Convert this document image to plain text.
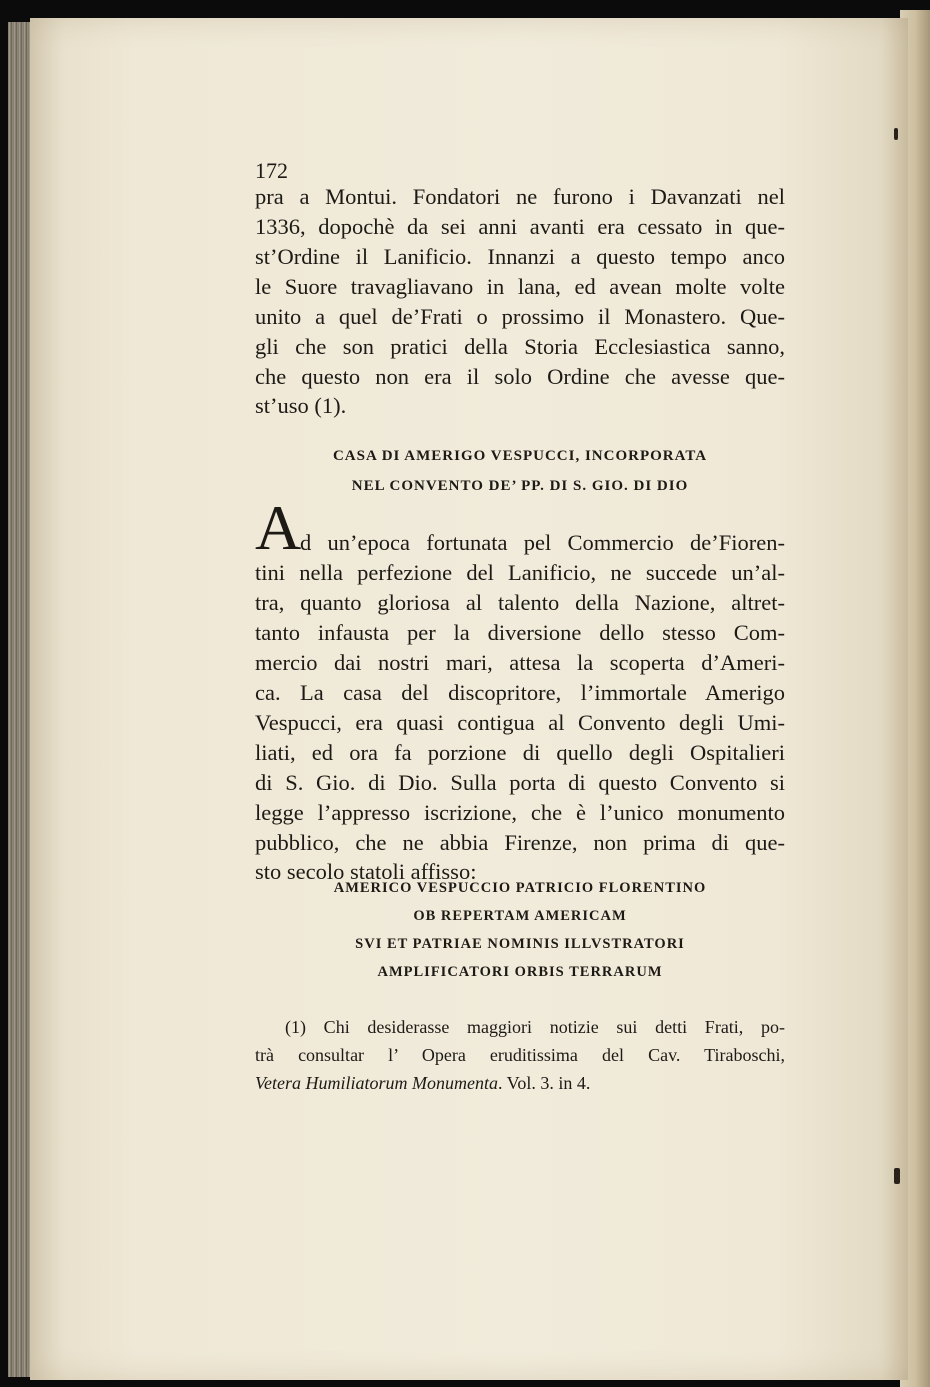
172
pra a Montui. Fondatori ne furono i Davanzati nel
1336, dopochè da sei anni avanti era cessato in que-
st’Ordine il Lanificio. Innanzi a questo tempo anco
le Suore travagliavano in lana, ed avean molte volte
unito a quel de’Frati o prossimo il Monastero. Que-
gli che son pratici della Storia Ecclesiastica sanno,
che questo non era il solo Ordine che avesse que-
st’uso (1).
CASA DI AMERIGO VESPUCCI, INCORPORATA
NEL CONVENTO DE’ PP. DI S. GIO. DI DIO
A
d un’epoca fortunata pel Commercio de’Fioren-
tini nella perfezione del Lanificio, ne succede un’al-
tra, quanto gloriosa al talento della Nazione, altret-
tanto infausta per la diversione dello stesso Com-
mercio dai nostri mari, attesa la scoperta d’Ameri-
ca. La casa del discopritore, l’immortale Amerigo
Vespucci, era quasi contigua al Convento degli Umi-
liati, ed ora fa porzione di quello degli Ospitalieri
di S. Gio. di Dio. Sulla porta di questo Convento si
legge l’appresso iscrizione, che è l’unico monumento
pubblico, che ne abbia Firenze, non prima di que-
sto secolo statoli affisso:
AMERICO VESPUCCIO PATRICIO FLORENTINO
OB REPERTAM AMERICAM
SVI ET PATRIAE NOMINIS ILLVSTRATORI
AMPLIFICATORI ORBIS TERRARUM
(1) Chi desiderasse maggiori notizie sui detti Frati, po-
trà consultar l’ Opera eruditissima del Cav. Tiraboschi,
Vetera Humiliatorum Monumenta. Vol. 3. in 4.
